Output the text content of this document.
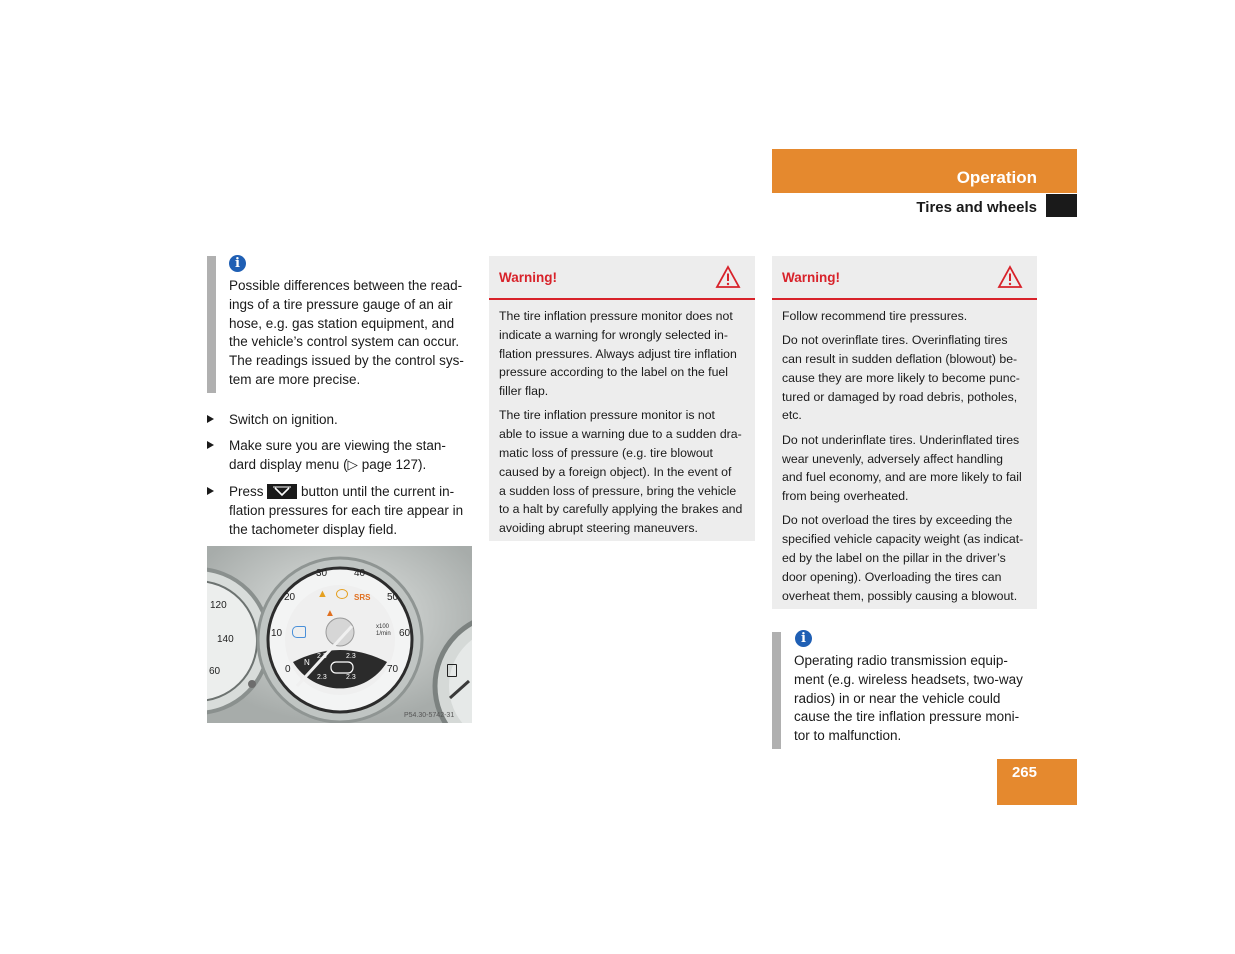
Operation
Tires and wheels
i
Possible differences between the read-
ings of a tire pressure gauge of an air
hose, e.g. gas station equipment, and
the vehicle’s control system can occur.
The readings issued by the control sys-
tem are more precise.
Switch on ignition.
Make sure you are viewing the stan-
dard display menu (▷ page 127).
Press	button until the current in-
flation pressures for each tire appear in
the tachometer display field.
30	40
20	50
10	60
0	70
120
140
60
SRS
▲
▲
x100
1/min
2.3	2.3
2.3	2.3
N
P54.30-5742-31
Warning!

The tire inflation pressure monitor does not
indicate a warning for wrongly selected in-
flation pressures. Always adjust tire inflation
pressure according to the label on the fuel
filler flap.

The tire inflation pressure monitor is not
able to issue a warning due to a sudden dra-
matic loss of pressure (e.g. tire blowout
caused by a foreign object). In the event of
a sudden loss of pressure, bring the vehicle
to a halt by carefully applying the brakes and
avoiding abrupt steering maneuvers.

Warning!

Follow recommend tire pressures.

Do not overinflate tires. Overinflating tires
can result in sudden deflation (blowout) be-
cause they are more likely to become punc-
tured or damaged by road debris, potholes,
etc.

Do not underinflate tires. Underinflated tires
wear unevenly, adversely affect handling
and fuel economy, and are more likely to fail
from being overheated.

Do not overload the tires by exceeding the
specified vehicle capacity weight (as indicat-
ed by the label on the pillar in the driver’s
door opening). Overloading the tires can
overheat them, possibly causing a blowout.

i
Operating radio transmission equip-
ment (e.g. wireless headsets, two-way
radios) in or near the vehicle could
cause the tire inflation pressure moni-
tor to malfunction.
265
